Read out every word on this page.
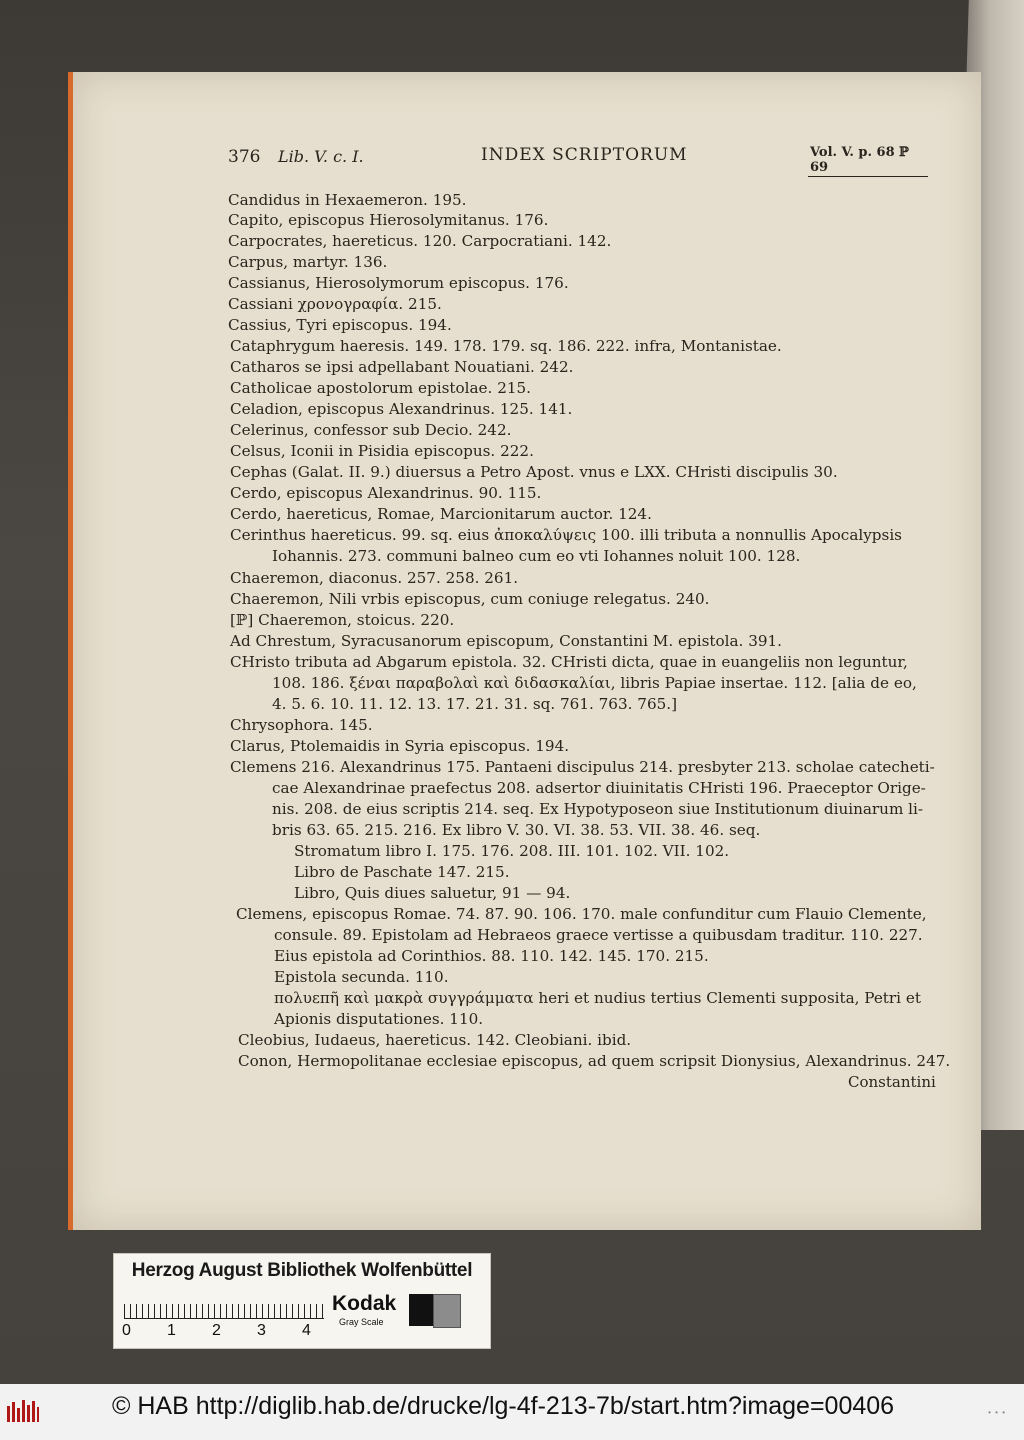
376 Lib. V. c. I.	INDEX SCRIPTORUM	Vol. V. p. 68 ℙ 69
Candidus in Hexaemeron. 195.
Capito, episcopus Hierosolymitanus. 176.
Carpocrates, haereticus. 120. Carpocratiani. 142.
Carpus, martyr. 136.
Cassianus, Hierosolymorum episcopus. 176.
Cassiani χρονογραφία. 215.
Cassius, Tyri episcopus. 194.
Cataphrygum haeresis. 149. 178. 179. sq. 186. 222. infra, Montanistae.
Catharos se ipsi adpellabant Nouatiani. 242.
Catholicae apostolorum epistolae. 215.
Celadion, episcopus Alexandrinus. 125. 141.
Celerinus, confessor sub Decio. 242.
Celsus, Iconii in Pisidia episcopus. 222.
Cephas (Galat. II. 9.) diuersus a Petro Apost. vnus e LXX. CHristi discipulis 30.
Cerdo, episcopus Alexandrinus. 90. 115.
Cerdo, haereticus, Romae, Marcionitarum auctor. 124.
Cerinthus haereticus. 99. sq. eius ἀποκαλύψεις 100. illi tributa a nonnullis Apocalypsis
Iohannis. 273. communi balneo cum eo vti Iohannes noluit 100. 128.
Chaeremon, diaconus. 257. 258. 261.
Chaeremon, Nili vrbis episcopus, cum coniuge relegatus. 240.
[ℙ] Chaeremon, stoicus. 220.
Ad Chrestum, Syracusanorum episcopum, Constantini M. epistola. 391.
CHristo tributa ad Abgarum epistola. 32. CHristi dicta, quae in euangeliis non leguntur,
108. 186. ξέναι παραβολαὶ καὶ διδασκαλίαι, libris Papiae insertae. 112. [alia de eo,
4. 5. 6. 10. 11. 12. 13. 17. 21. 31. sq. 761. 763. 765.]
Chrysophora. 145.
Clarus, Ptolemaidis in Syria episcopus. 194.
Clemens 216. Alexandrinus 175. Pantaeni discipulus 214. presbyter 213. scholae catecheti-
cae Alexandrinae praefectus 208. adsertor diuinitatis CHristi 196. Praeceptor Orige-
nis. 208. de eius scriptis 214. seq. Ex Hypotyposeon siue Institutionum diuinarum li-
bris 63. 65. 215. 216. Ex libro V. 30. VI. 38. 53. VII. 38. 46. seq.
Stromatum libro I. 175. 176. 208. III. 101. 102. VII. 102.
Libro de Paschate 147. 215.
Libro, Quis diues saluetur, 91 — 94.
Clemens, episcopus Romae. 74. 87. 90. 106. 170. male confunditur cum Flauio Clemente,
consule. 89. Epistolam ad Hebraeos graece vertisse a quibusdam traditur. 110. 227.
Eius epistola ad Corinthios. 88. 110. 142. 145. 170. 215.
Epistola secunda. 110.
πολυεπῆ καὶ μακρὰ συγγράμματα heri et nudius tertius Clementi supposita, Petri et
Apionis disputationes. 110.
Cleobius, Iudaeus, haereticus. 142. Cleobiani. ibid.
Conon, Hermopolitanae ecclesiae episcopus, ad quem scripsit Dionysius, Alexandrinus. 247.
Constantini
Herzog August Bibliothek Wolfenbüttel
0 1 2 3 4
Kodak
Gray Scale
© HAB http://diglib.hab.de/drucke/lg-4f-213-7b/start.htm?image=00406	• • •
